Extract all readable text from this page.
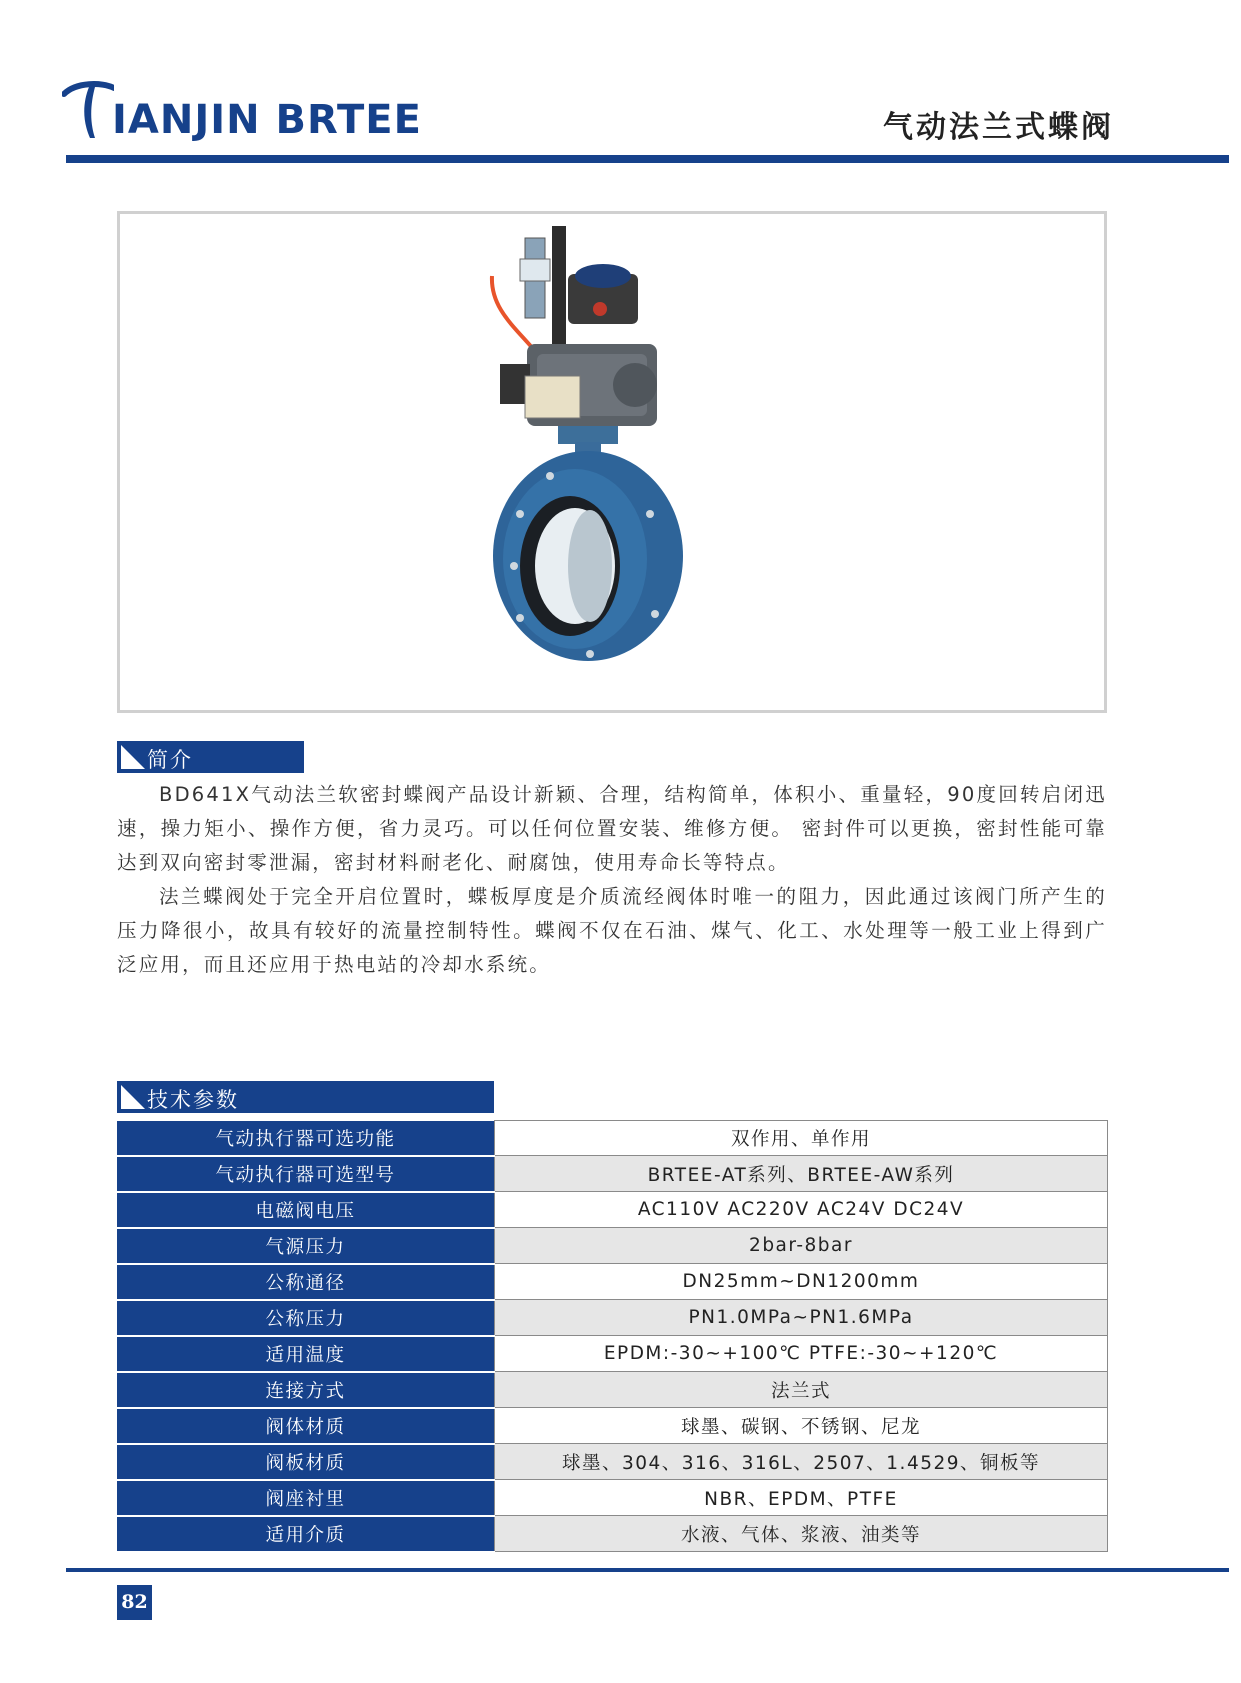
IANJIN BRTEE	气动法兰式蝶阀
简介

BD641X气动法兰软密封蝶阀产品设计新颖、合理，结构简单，体积小、重量轻，90度回转启闭迅速，操力矩小、操作方便，省力灵巧。可以任何位置安装、维修方便。 密封件可以更换，密封性能可靠达到双向密封零泄漏，密封材料耐老化、耐腐蚀，使用寿命长等特点。

法兰蝶阀处于完全开启位置时，蝶板厚度是介质流经阀体时唯一的阻力，因此通过该阀门所产生的压力降很小，故具有较好的流量控制特性。蝶阀不仅在石油、煤气、化工、水处理等一般工业上得到广泛应用，而且还应用于热电站的冷却水系统。

技术参数
气动执行器可选功能	双作用、单作用
气动执行器可选型号	BRTEE-AT系列、BRTEE-AW系列
电磁阀电压	AC110V AC220V AC24V DC24V
气源压力	2bar-8bar
公称通径	DN25mm~DN1200mm
公称压力	PN1.0MPa~PN1.6MPa
适用温度	EPDM:-30~+100℃ PTFE:-30~+120℃
连接方式	法兰式
阀体材质	球墨、碳钢、不锈钢、尼龙
阀板材质	球墨、304、316、316L、2507、1.4529、铜板等
阀座衬里	NBR、EPDM、PTFE
适用介质	水液、气体、浆液、油类等
82
